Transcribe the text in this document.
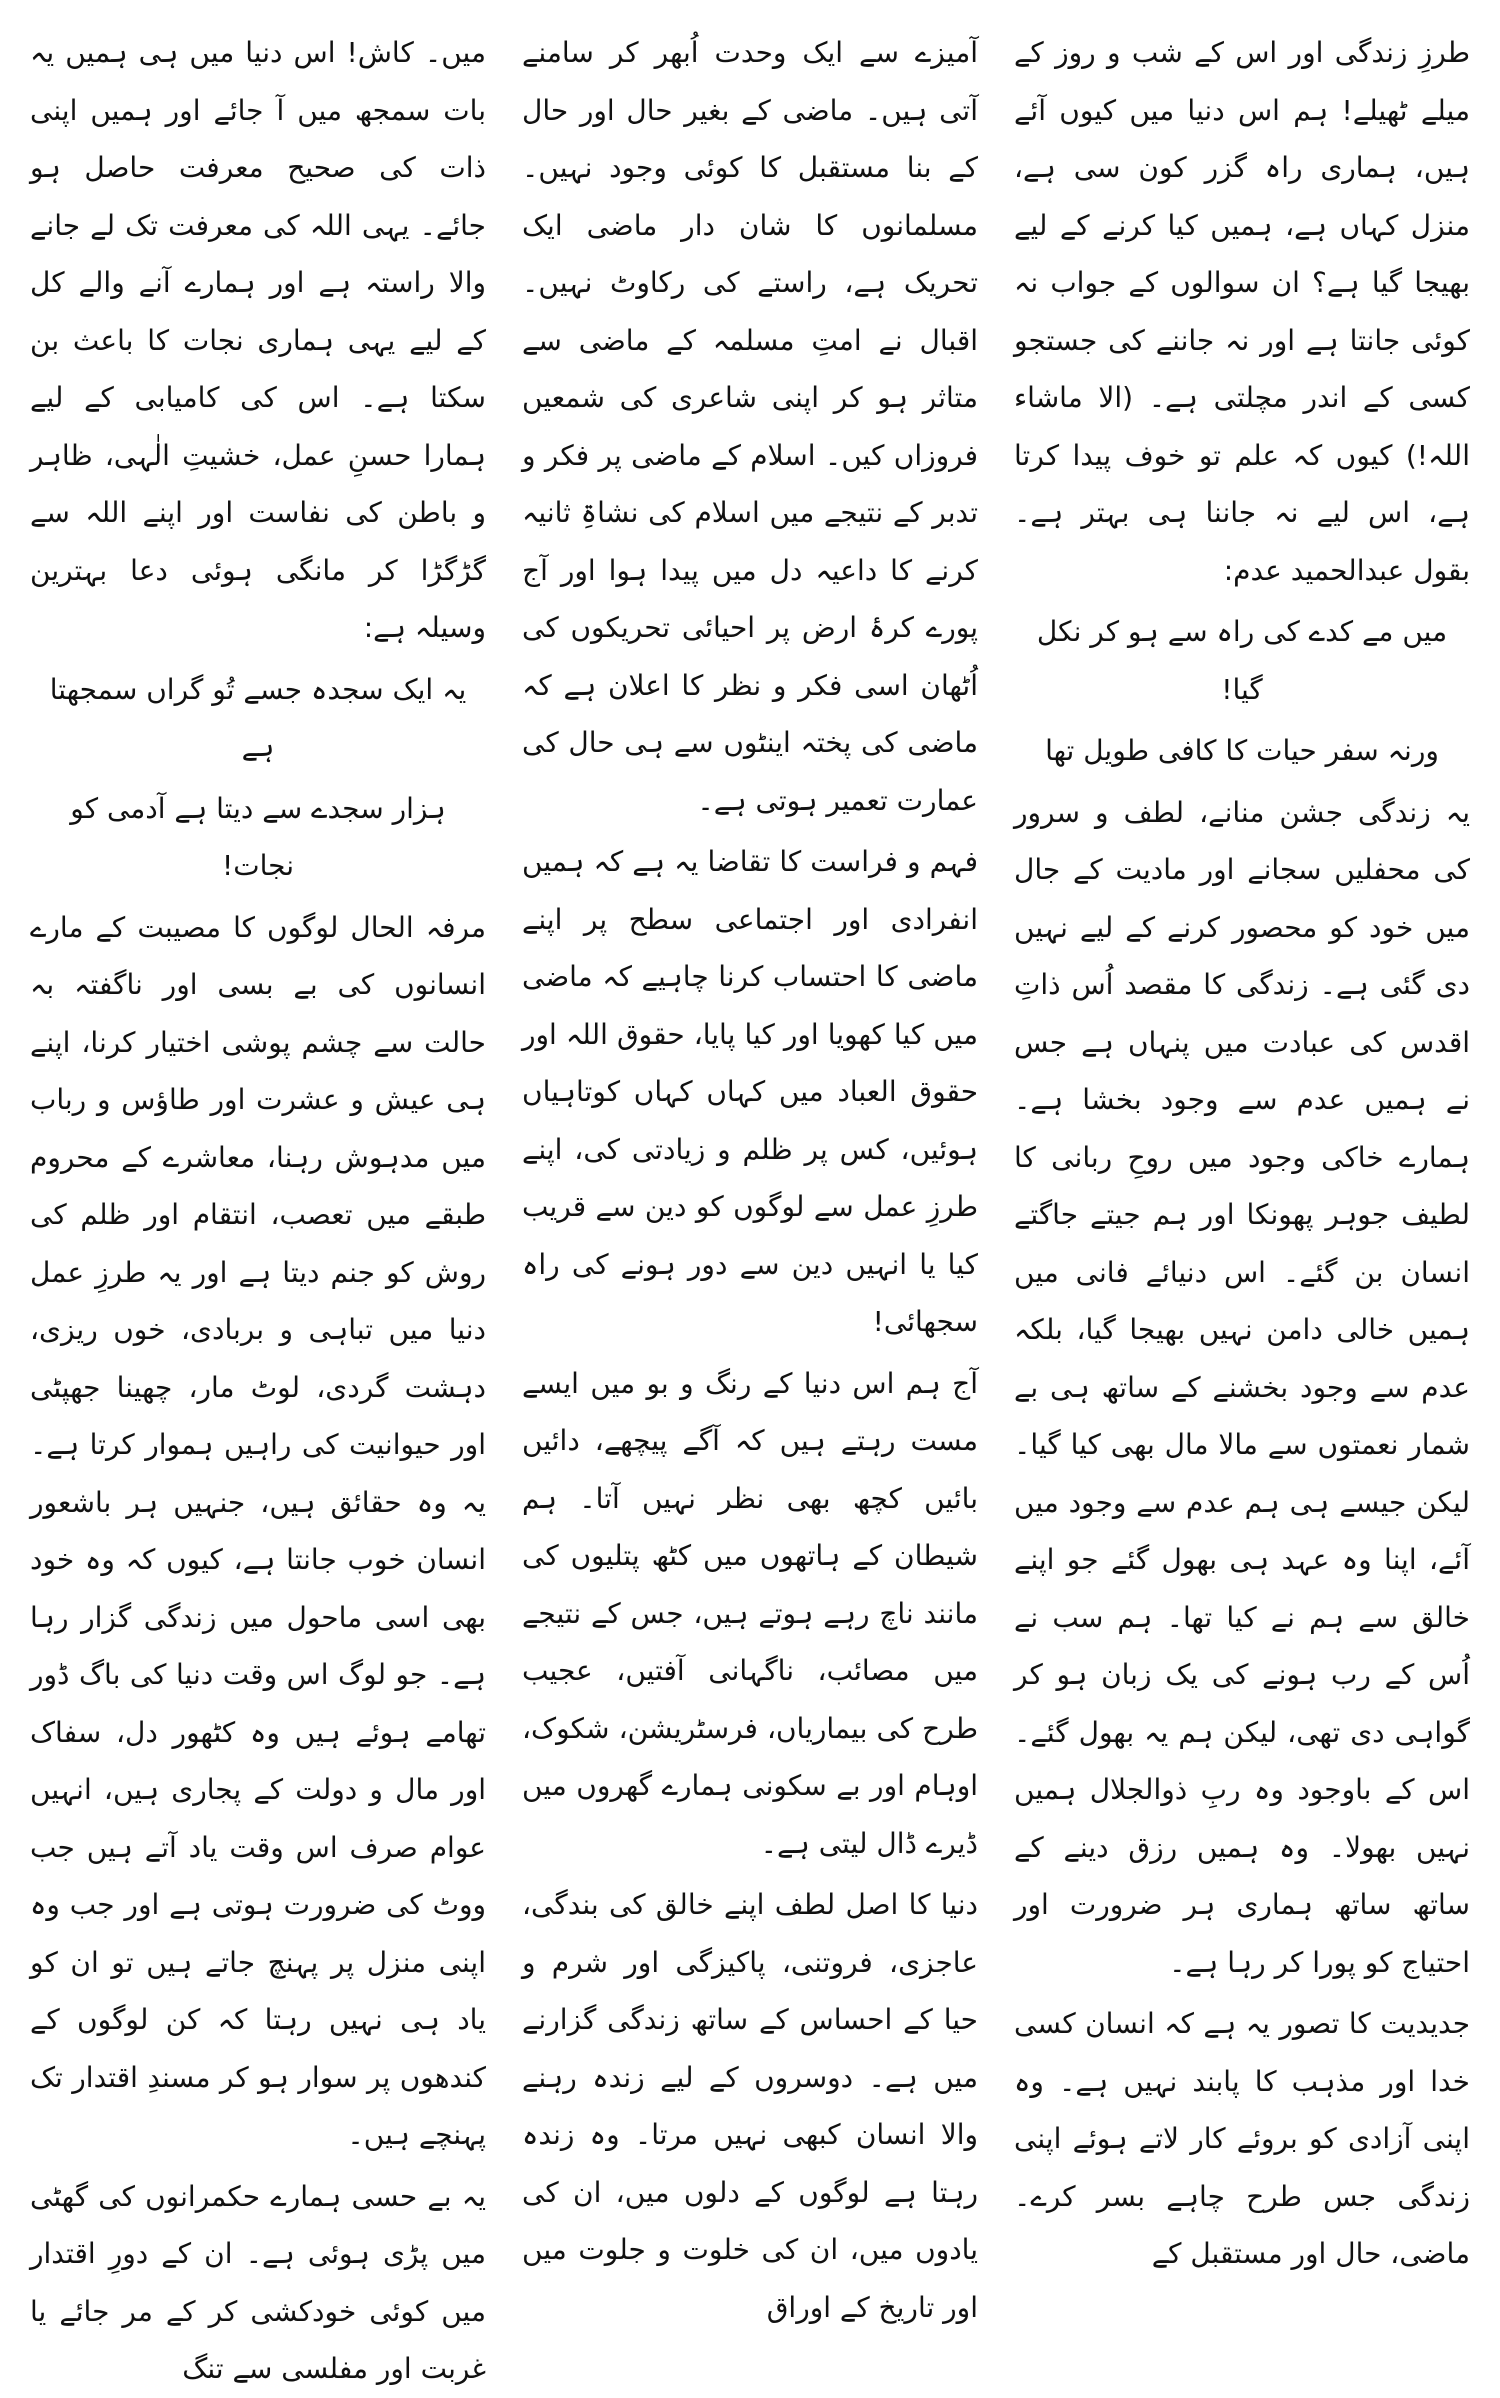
طرزِ زندگی اور اس کے شب و روز کے میلے ٹھیلے! ہم اس دنیا میں کیوں آئے ہیں، ہماری راہ گزر کون سی ہے، منزل کہاں ہے، ہمیں کیا کرنے کے لیے بھیجا گیا ہے؟ ان سوالوں کے جواب نہ کوئی جانتا ہے اور نہ جاننے کی جستجو کسی کے اندر مچلتی ہے۔ (الا ماشاء اللہ!) کیوں کہ علم تو خوف پیدا کرتا ہے، اس لیے نہ جاننا ہی بہتر ہے۔ بقول عبدالحمید عدم:

میں مے کدے کی راہ سے ہو کر نکل گیا!

ورنہ سفر حیات کا کافی طویل تھا

یہ زندگی جشن منانے، لطف و سرور کی محفلیں سجانے اور مادیت کے جال میں خود کو محصور کرنے کے لیے نہیں دی گئی ہے۔ زندگی کا مقصد اُس ذاتِ اقدس کی عبادت میں پنہاں ہے جس نے ہمیں عدم سے وجود بخشا ہے۔ ہمارے خاکی وجود میں روحِ ربانی کا لطیف جوہر پھونکا اور ہم جیتے جاگتے انسان بن گئے۔ اس دنیائے فانی میں ہمیں خالی دامن نہیں بھیجا گیا، بلکہ عدم سے وجود بخشنے کے ساتھ ہی بے شمار نعمتوں سے مالا مال بھی کیا گیا۔ لیکن جیسے ہی ہم عدم سے وجود میں آئے، اپنا وہ عہد ہی بھول گئے جو اپنے خالق سے ہم نے کیا تھا۔ ہم سب نے اُس کے رب ہونے کی یک زبان ہو کر گواہی دی تھی، لیکن ہم یہ بھول گئے۔ اس کے باوجود وہ ربِ ذوالجلال ہمیں نہیں بھولا۔ وہ ہمیں رزق دینے کے ساتھ ساتھ ہماری ہر ضرورت اور احتیاج کو پورا کر رہا ہے۔

جدیدیت کا تصور یہ ہے کہ انسان کسی خدا اور مذہب کا پابند نہیں ہے۔ وہ اپنی آزادی کو بروئے کار لاتے ہوئے اپنی زندگی جس طرح چاہے بسر کرے۔ ماضی، حال اور مستقبل کے

آمیزے سے ایک وحدت اُبھر کر سامنے آتی ہیں۔ ماضی کے بغیر حال اور حال کے بنا مستقبل کا کوئی وجود نہیں۔ مسلمانوں کا شان دار ماضی ایک تحریک ہے، راستے کی رکاوٹ نہیں۔ اقبال نے امتِ مسلمہ کے ماضی سے متاثر ہو کر اپنی شاعری کی شمعیں فروزاں کیں۔ اسلام کے ماضی پر فکر و تدبر کے نتیجے میں اسلام کی نشاۃِ ثانیہ کرنے کا داعیہ دل میں پیدا ہوا اور آج پورے کرۂ ارض پر احیائی تحریکوں کی اُٹھان اسی فکر و نظر کا اعلان ہے کہ ماضی کی پختہ اینٹوں سے ہی حال کی عمارت تعمیر ہوتی ہے۔

فہم و فراست کا تقاضا یہ ہے کہ ہمیں انفرادی اور اجتماعی سطح پر اپنے ماضی کا احتساب کرنا چاہیے کہ ماضی میں کیا کھویا اور کیا پایا، حقوق اللہ اور حقوق العباد میں کہاں کہاں کوتاہیاں ہوئیں، کس پر ظلم و زیادتی کی، اپنے طرزِ عمل سے لوگوں کو دین سے قریب کیا یا انہیں دین سے دور ہونے کی راہ سجھائی!

آج ہم اس دنیا کے رنگ و بو میں ایسے مست رہتے ہیں کہ آگے پیچھے، دائیں بائیں کچھ بھی نظر نہیں آتا۔ ہم شیطان کے ہاتھوں میں کٹھ پتلیوں کی مانند ناچ رہے ہوتے ہیں، جس کے نتیجے میں مصائب، ناگہانی آفتیں، عجیب طرح کی بیماریاں، فرسٹریشن، شکوک، اوہام اور بے سکونی ہمارے گھروں میں ڈیرے ڈال لیتی ہے۔

دنیا کا اصل لطف اپنے خالق کی بندگی، عاجزی، فروتنی، پاکیزگی اور شرم و حیا کے احساس کے ساتھ زندگی گزارنے میں ہے۔ دوسروں کے لیے زندہ رہنے والا انسان کبھی نہیں مرتا۔ وہ زندہ رہتا ہے لوگوں کے دلوں میں، ان کی یادوں میں، ان کی خلوت و جلوت میں اور تاریخ کے اوراق

میں۔ کاش! اس دنیا میں ہی ہمیں یہ بات سمجھ میں آ جائے اور ہمیں اپنی ذات کی صحیح معرفت حاصل ہو جائے۔ یہی اللہ کی معرفت تک لے جانے والا راستہ ہے اور ہمارے آنے والے کل کے لیے یہی ہماری نجات کا باعث بن سکتا ہے۔ اس کی کامیابی کے لیے ہمارا حسنِ عمل، خشیتِ الٰہی، ظاہر و باطن کی نفاست اور اپنے اللہ سے گڑگڑا کر مانگی ہوئی دعا بہترین وسیلہ ہے:

یہ ایک سجدہ جسے تُو گراں سمجھتا ہے

ہزار سجدے سے دیتا ہے آدمی کو نجات!

مرفہ الحال لوگوں کا مصیبت کے مارے انسانوں کی بے بسی اور ناگفتہ بہ حالت سے چشم پوشی اختیار کرنا، اپنے ہی عیش و عشرت اور طاؤس و رباب میں مدہوش رہنا، معاشرے کے محروم طبقے میں تعصب، انتقام اور ظلم کی روش کو جنم دیتا ہے اور یہ طرزِ عمل دنیا میں تباہی و بربادی، خوں ریزی، دہشت گردی، لوٹ مار، چھینا جھپٹی اور حیوانیت کی راہیں ہموار کرتا ہے۔ یہ وہ حقائق ہیں، جنہیں ہر باشعور انسان خوب جانتا ہے، کیوں کہ وہ خود بھی اسی ماحول میں زندگی گزار رہا ہے۔ جو لوگ اس وقت دنیا کی باگ ڈور تھامے ہوئے ہیں وہ کٹھور دل، سفاک اور مال و دولت کے پجاری ہیں، انہیں عوام صرف اس وقت یاد آتے ہیں جب ووٹ کی ضرورت ہوتی ہے اور جب وہ اپنی منزل پر پہنچ جاتے ہیں تو ان کو یاد ہی نہیں رہتا کہ کن لوگوں کے کندھوں پر سوار ہو کر مسندِ اقتدار تک پہنچے ہیں۔

یہ بے حسی ہمارے حکمرانوں کی گھٹی میں پڑی ہوئی ہے۔ ان کے دورِ اقتدار میں کوئی خودکشی کر کے مر جائے یا غربت اور مفلسی سے تنگ
